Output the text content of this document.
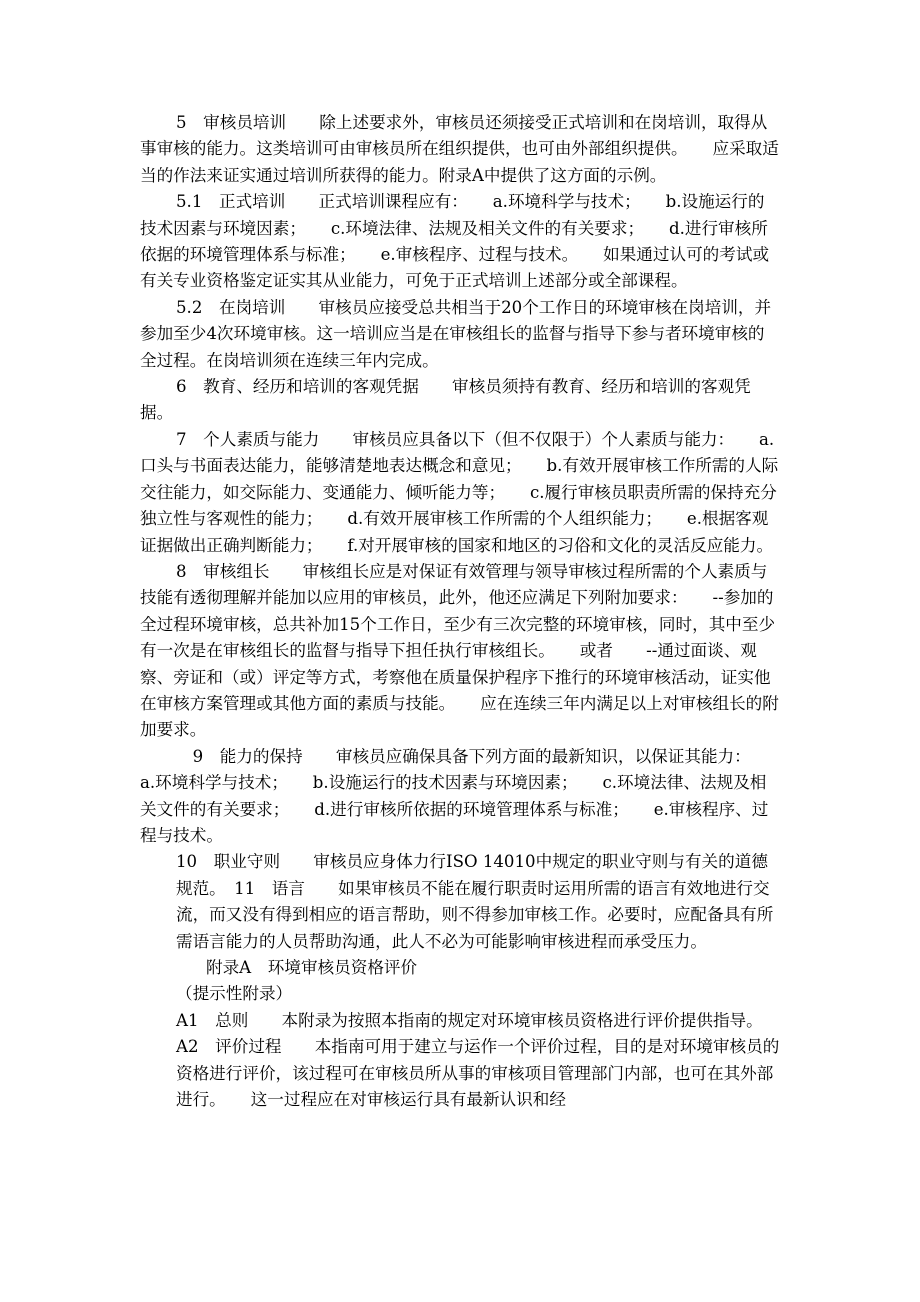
5　审核员培训　　除上述要求外，审核员还须接受正式培训和在岗培训，取得从事审核的能力。这类培训可由审核员所在组织提供，也可由外部组织提供。　　应采取适当的作法来证实通过培训所获得的能力。附录A中提供了这方面的示例。

5.1　正式培训　　正式培训课程应有：　　a.环境科学与技术；　　b.设施运行的技术因素与环境因素；　　c.环境法律、法规及相关文件的有关要求；　　d.进行审核所依据的环境管理体系与标准；　　e.审核程序、过程与技术。　　如果通过认可的考试或有关专业资格鉴定证实其从业能力，可免于正式培训上述部分或全部课程。

5.2　在岗培训　　审核员应接受总共相当于20个工作日的环境审核在岗培训，并参加至少4次环境审核。这一培训应当是在审核组长的监督与指导下参与者环境审核的全过程。在岗培训须在连续三年内完成。

6　教育、经历和培训的客观凭据　　审核员须持有教育、经历和培训的客观凭据。

7　个人素质与能力　　审核员应具备以下（但不仅限于）个人素质与能力：　　a.口头与书面表达能力，能够清楚地表达概念和意见；　　b.有效开展审核工作所需的人际交往能力，如交际能力、变通能力、倾听能力等；　　c.履行审核员职责所需的保持充分独立性与客观性的能力；　　d.有效开展审核工作所需的个人组织能力；　　e.根据客观证据做出正确判断能力；　　f.对开展审核的国家和地区的习俗和文化的灵活反应能力。

8　审核组长　　审核组长应是对保证有效管理与领导审核过程所需的个人素质与技能有透彻理解并能加以应用的审核员，此外，他还应满足下列附加要求：　　--参加的全过程环境审核，总共补加15个工作日，至少有三次完整的环境审核，同时，其中至少有一次是在审核组长的监督与指导下担任执行审核组长。　　或者　　--通过面谈、观察、旁证和（或）评定等方式，考察他在质量保护程序下推行的环境审核活动，证实他在审核方案管理或其他方面的素质与技能。　　应在连续三年内满足以上对审核组长的附加要求。

　9　能力的保持　　审核员应确保具备下列方面的最新知识，以保证其能力：　　a.环境科学与技术；　　b.设施运行的技术因素与环境因素；　　c.环境法律、法规及相关文件的有关要求；　　d.进行审核所依据的环境管理体系与标准；　　e.审核程序、过程与技术。

10　职业守则　　审核员应身体力行ISO 14010中规定的职业守则与有关的道德规范。　11　语言　　如果审核员不能在履行职责时运用所需的语言有效地进行交流，而又没有得到相应的语言帮助，则不得参加审核工作。必要时，应配备具有所需语言能力的人员帮助沟通，此人不必为可能影响审核进程而承受压力。

附录A　环境审核员资格评价

（提示性附录）

A1　总则　　本附录为按照本指南的规定对环境审核员资格进行评价提供指导。

A2　评价过程　　本指南可用于建立与运作一个评价过程，目的是对环境审核员的资格进行评价，该过程可在审核员所从事的审核项目管理部门内部，也可在其外部进行。　　这一过程应在对审核运行具有最新认识和经
